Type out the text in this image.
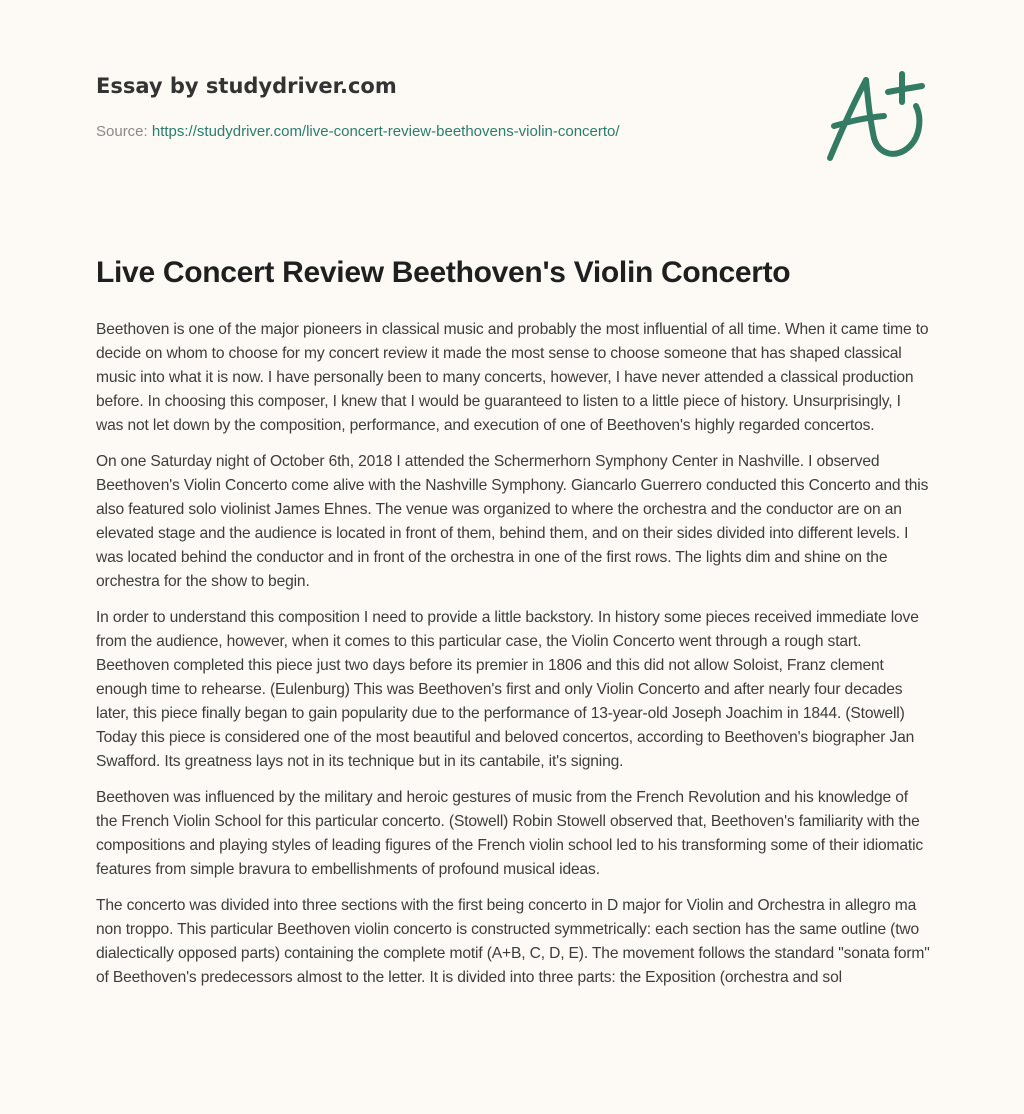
Essay by studydriver.com
Source: https://studydriver.com/live-concert-review-beethovens-violin-concerto/
Live Concert Review Beethoven's Violin Concerto

Beethoven is one of the major pioneers in classical music and probably the most influential of all time. When it came time to decide on whom to choose for my concert review it made the most sense to choose someone that has shaped classical music into what it is now. I have personally been to many concerts, however, I have never attended a classical production before. In choosing this composer, I knew that I would be guaranteed to listen to a little piece of history. Unsurprisingly, I was not let down by the composition, performance, and execution of one of Beethoven's highly regarded concertos.

On one Saturday night of October 6th, 2018 I attended the Schermerhorn Symphony Center in Nashville. I observed Beethoven's Violin Concerto come alive with the Nashville Symphony. Giancarlo Guerrero conducted this Concerto and this also featured solo violinist James Ehnes. The venue was organized to where the orchestra and the conductor are on an elevated stage and the audience is located in front of them, behind them, and on their sides divided into different levels. I was located behind the conductor and in front of the orchestra in one of the first rows. The lights dim and shine on the orchestra for the show to begin.

In order to understand this composition I need to provide a little backstory. In history some pieces received immediate love from the audience, however, when it comes to this particular case, the Violin Concerto went through a rough start. Beethoven completed this piece just two days before its premier in 1806 and this did not allow Soloist, Franz clement enough time to rehearse. (Eulenburg) This was Beethoven's first and only Violin Concerto and after nearly four decades later, this piece finally began to gain popularity due to the performance of 13-year-old Joseph Joachim in 1844. (Stowell) Today this piece is considered one of the most beautiful and beloved concertos, according to Beethoven's biographer Jan Swafford. Its greatness lays not in its technique but in its cantabile, it's signing.

Beethoven was influenced by the military and heroic gestures of music from the French Revolution and his knowledge of the French Violin School for this particular concerto. (Stowell) Robin Stowell observed that, Beethoven's familiarity with the compositions and playing styles of leading figures of the French violin school led to his transforming some of their idiomatic features from simple bravura to embellishments of profound musical ideas.

The concerto was divided into three sections with the first being concerto in D major for Violin and Orchestra in allegro ma non troppo. This particular Beethoven violin concerto is constructed symmetrically: each section has the same outline (two dialectically opposed parts) containing the complete motif (A+B, C, D, E). The movement follows the standard "sonata form" of Beethoven's predecessors almost to the letter. It is divided into three parts: the Exposition (orchestra and sol
